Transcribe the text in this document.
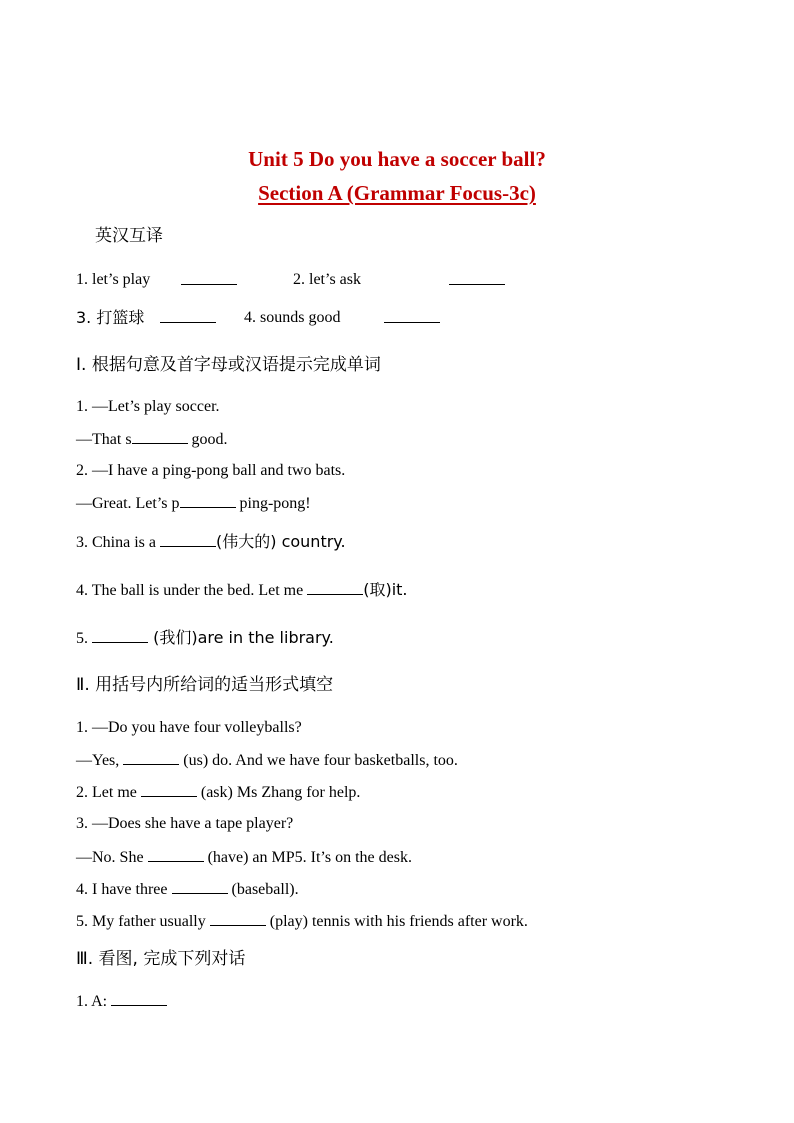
Unit 5 Do you have a soccer ball?
Section A (Grammar Focus-3c)
英汉互译
1. let’s play	2. let’s ask
3. 打篮球	4. sounds good
Ⅰ. 根据句意及首字母或汉语提示完成单词
1. —Let’s play soccer.
—That s	good.
2. —I have a ping-pong ball and two bats.
—Great. Let’s p	ping-pong!
3. China is a	(伟大的) country.
4. The ball is under the bed. Let me	(取)it.
5.	(我们)are in the library.
Ⅱ. 用括号内所给词的适当形式填空
1. —Do you have four volleyballs?
—Yes,	(us) do. And we have four basketballs, too.
2. Let me	(ask) Ms Zhang for help.
3. —Does she have a tape player?
—No. She	(have) an MP5. It’s on the desk.
4. I have three	(baseball).
5. My father usually	(play) tennis with his friends after work.
Ⅲ. 看图, 完成下列对话
1. A:
